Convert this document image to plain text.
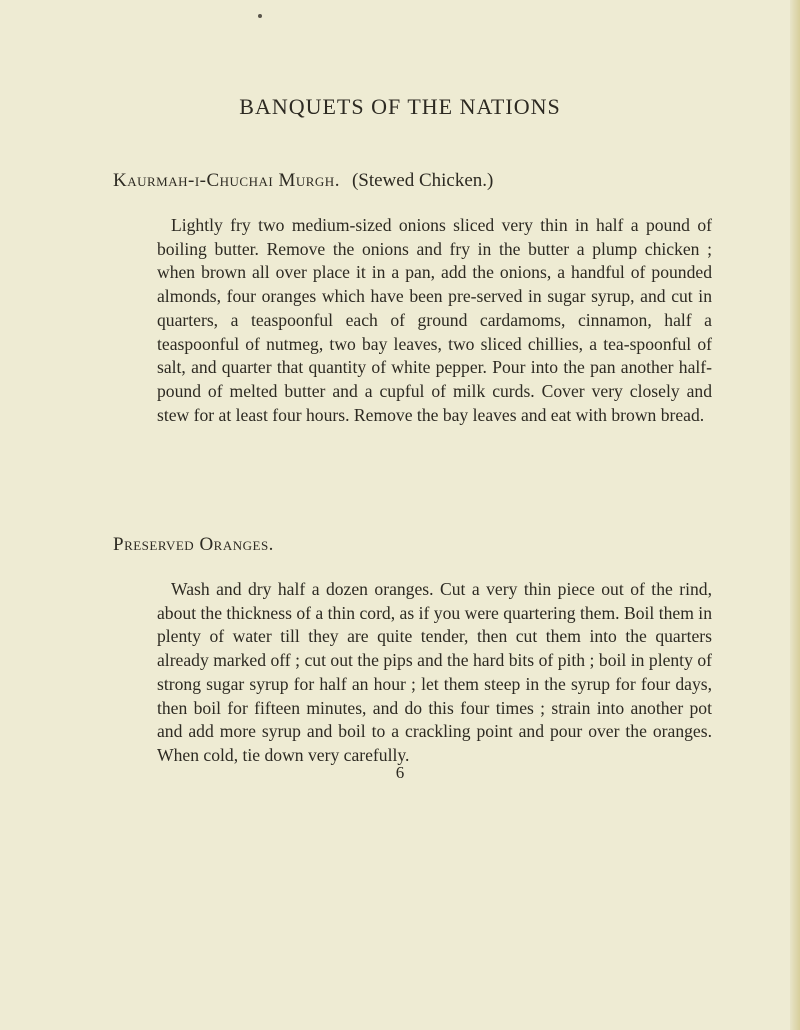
BANQUETS OF THE NATIONS
Kaurmah-i-Chuchai Murgh. (Stewed Chicken.)

Lightly fry two medium-sized onions sliced very thin in half a pound of boiling butter. Remove the onions and fry in the butter a plump chicken ; when brown all over place it in a pan, add the onions, a handful of pounded almonds, four oranges which have been pre-served in sugar syrup, and cut in quarters, a teaspoonful each of ground cardamoms, cinnamon, half a teaspoonful of nutmeg, two bay leaves, two sliced chillies, a tea-spoonful of salt, and quarter that quantity of white pepper. Pour into the pan another half-pound of melted butter and a cupful of milk curds. Cover very closely and stew for at least four hours. Remove the bay leaves and eat with brown bread.

Preserved Oranges.

Wash and dry half a dozen oranges. Cut a very thin piece out of the rind, about the thickness of a thin cord, as if you were quartering them. Boil them in plenty of water till they are quite tender, then cut them into the quarters already marked off ; cut out the pips and the hard bits of pith ; boil in plenty of strong sugar syrup for half an hour ; let them steep in the syrup for four days, then boil for fifteen minutes, and do this four times ; strain into another pot and add more syrup and boil to a crackling point and pour over the oranges. When cold, tie down very carefully.

6
